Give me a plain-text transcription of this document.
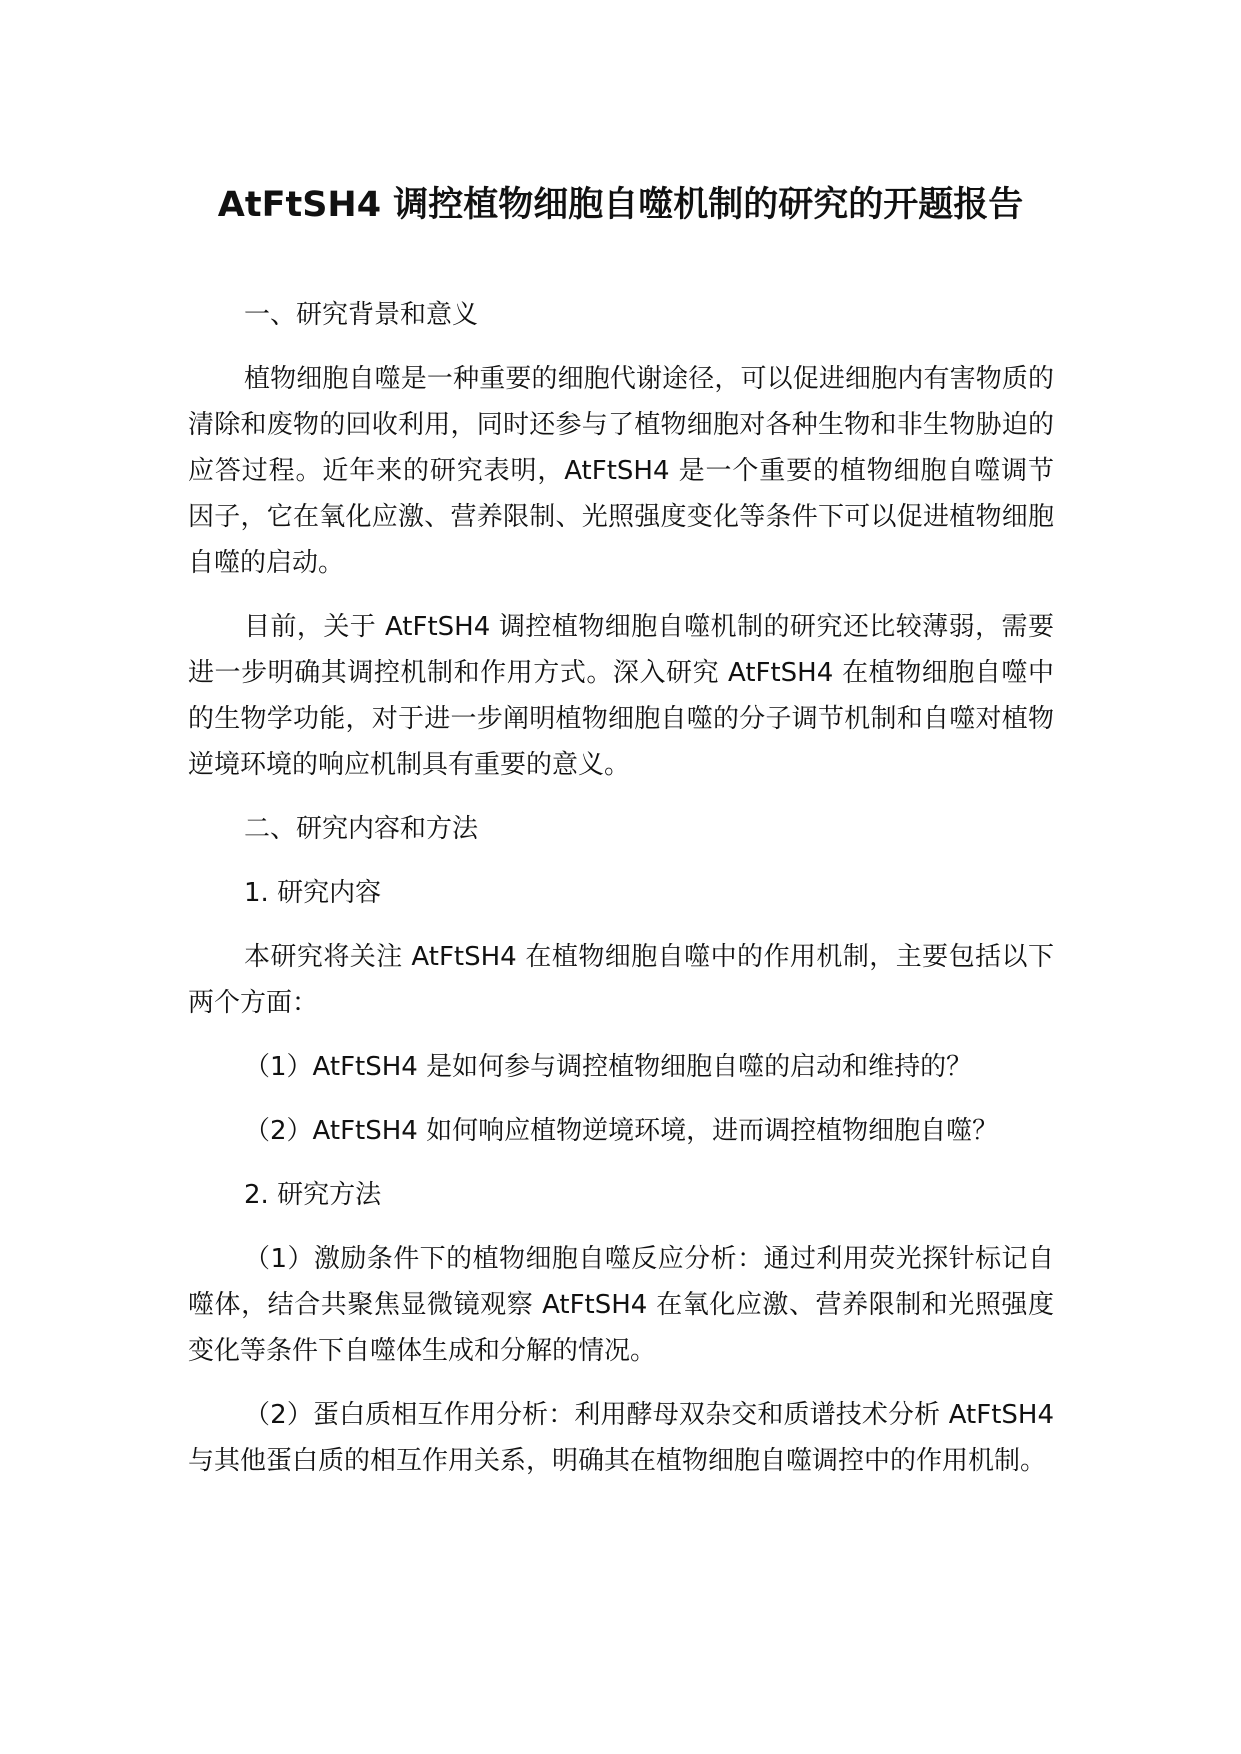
AtFtSH4 调控植物细胞自噬机制的研究的开题报告

一、研究背景和意义

植物细胞自噬是一种重要的细胞代谢途径，可以促进细胞内有害物质的清除和废物的回收利用，同时还参与了植物细胞对各种生物和非生物胁迫的应答过程。近年来的研究表明，AtFtSH4 是一个重要的植物细胞自噬调节因子，它在氧化应激、营养限制、光照强度变化等条件下可以促进植物细胞自噬的启动。

目前，关于 AtFtSH4 调控植物细胞自噬机制的研究还比较薄弱，需要进一步明确其调控机制和作用方式。深入研究 AtFtSH4 在植物细胞自噬中的生物学功能，对于进一步阐明植物细胞自噬的分子调节机制和自噬对植物逆境环境的响应机制具有重要的意义。

二、研究内容和方法

1. 研究内容

本研究将关注 AtFtSH4 在植物细胞自噬中的作用机制，主要包括以下两个方面：

（1）AtFtSH4 是如何参与调控植物细胞自噬的启动和维持的？

（2）AtFtSH4 如何响应植物逆境环境，进而调控植物细胞自噬？

2. 研究方法

（1）激励条件下的植物细胞自噬反应分析：通过利用荧光探针标记自噬体，结合共聚焦显微镜观察 AtFtSH4 在氧化应激、营养限制和光照强度变化等条件下自噬体生成和分解的情况。

（2）蛋白质相互作用分析：利用酵母双杂交和质谱技术分析 AtFtSH4 与其他蛋白质的相互作用关系，明确其在植物细胞自噬调控中的作用机制。
